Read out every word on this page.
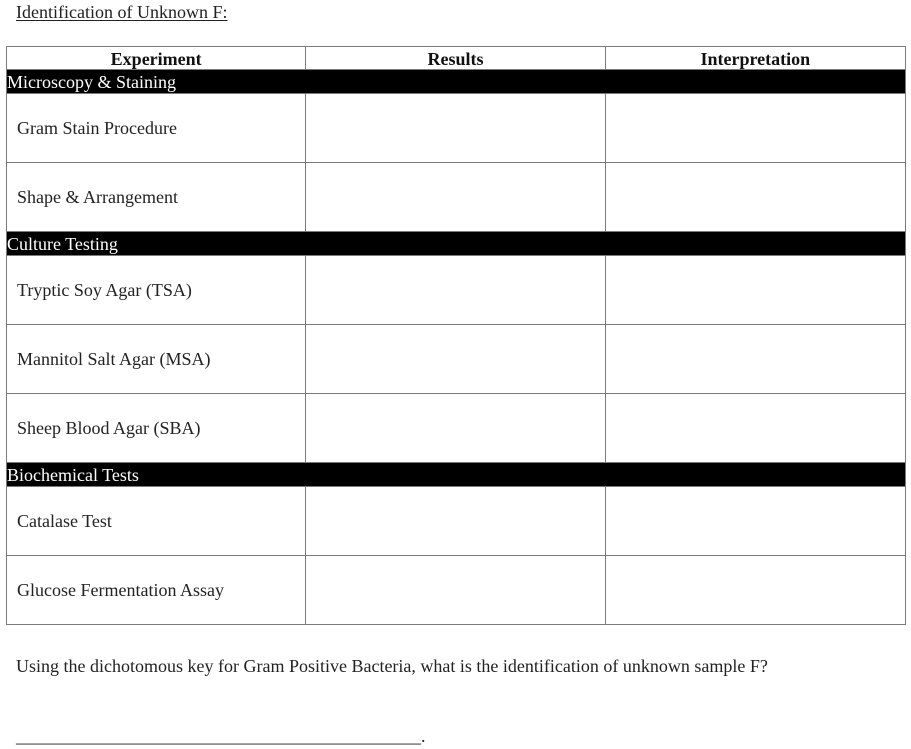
Identification of Unknown F:
Experiment	Results	Interpretation
Microscopy & Staining		
Gram Stain Procedure		
Shape & Arrangement		
Culture Testing		
Tryptic Soy Agar (TSA)		
Mannitol Salt Agar (MSA)		
Sheep Blood Agar (SBA)		
Biochemical Tests		
Catalase Test		
Glucose Fermentation Assay		
Using the dichotomous key for Gram Positive Bacteria, what is the identification of unknown sample F?
_____________________________________________.
